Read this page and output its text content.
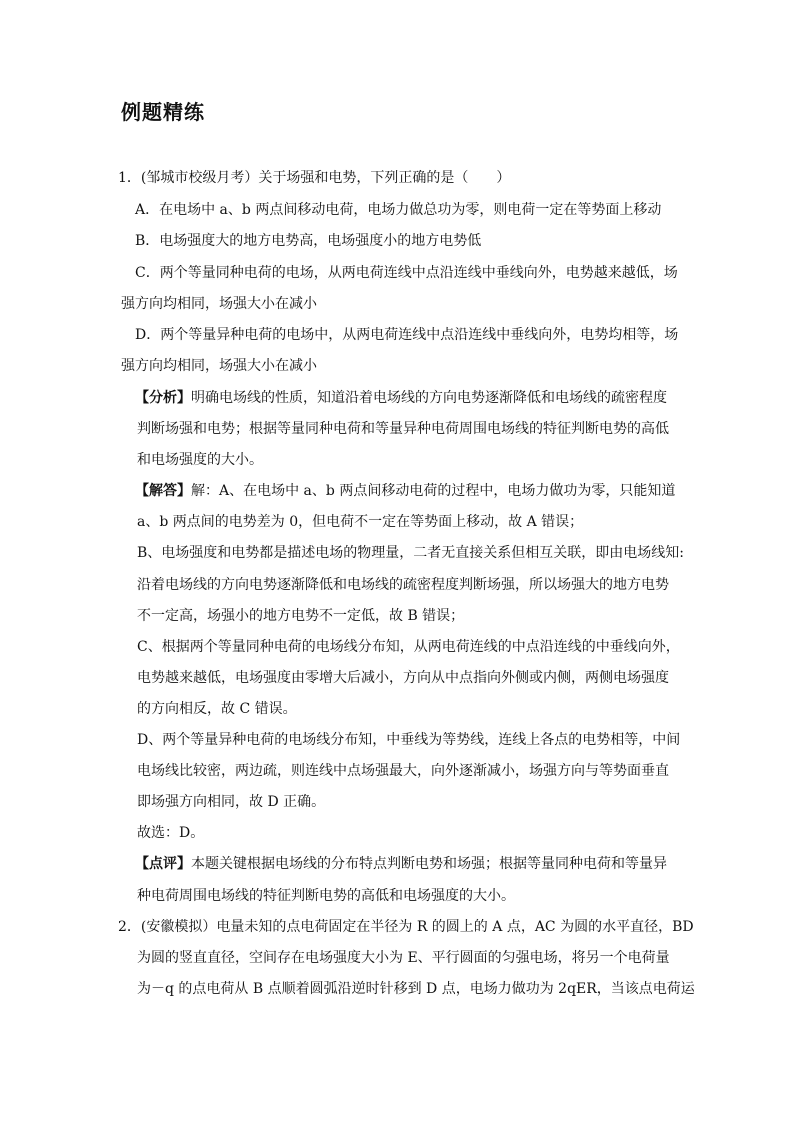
例题精练
1．(邹城市校级月考）关于场强和电势，下列正确的是（　　）
A．在电场中 a、b 两点间移动电荷，电场力做总功为零，则电荷一定在等势面上移动
B．电场强度大的地方电势高，电场强度小的地方电势低
C．两个等量同种电荷的电场，从两电荷连线中点沿连线中垂线向外，电势越来越低，场
强方向均相同，场强大小在减小
D．两个等量异种电荷的电场中，从两电荷连线中点沿连线中垂线向外，电势均相等，场
强方向均相同，场强大小在减小
【分析】明确电场线的性质，知道沿着电场线的方向电势逐渐降低和电场线的疏密程度
判断场强和电势；根据等量同种电荷和等量异种电荷周围电场线的特征判断电势的高低
和电场强度的大小。
【解答】解：A、在电场中 a、b 两点间移动电荷的过程中，电场力做功为零，只能知道
a、b 两点间的电势差为 0，但电荷不一定在等势面上移动，故 A 错误；
B、电场强度和电势都是描述电场的物理量，二者无直接关系但相互关联，即由电场线知:
沿着电场线的方向电势逐渐降低和电场线的疏密程度判断场强，所以场强大的地方电势
不一定高，场强小的地方电势不一定低，故 B 错误；
C、根据两个等量同种电荷的电场线分布知，从两电荷连线的中点沿连线的中垂线向外，
电势越来越低，电场强度由零增大后减小，方向从中点指向外侧或内侧，两侧电场强度
的方向相反，故 C 错误。
D、两个等量异种电荷的电场线分布知，中垂线为等势线，连线上各点的电势相等，中间
电场线比较密，两边疏，则连线中点场强最大，向外逐渐减小，场强方向与等势面垂直
即场强方向相同，故 D 正确。
故选：D。
【点评】本题关键根据电场线的分布特点判断电势和场强；根据等量同种电荷和等量异
种电荷周围电场线的特征判断电势的高低和电场强度的大小。
2．(安徽模拟）电量未知的点电荷固定在半径为 R 的圆上的 A 点，AC 为圆的水平直径，BD
为圆的竖直直径，空间存在电场强度大小为 E、平行圆面的匀强电场，将另一个电荷量
为－q 的点电荷从 B 点顺着圆弧沿逆时针移到 D 点，电场力做功为 2qER，当该点电荷运
